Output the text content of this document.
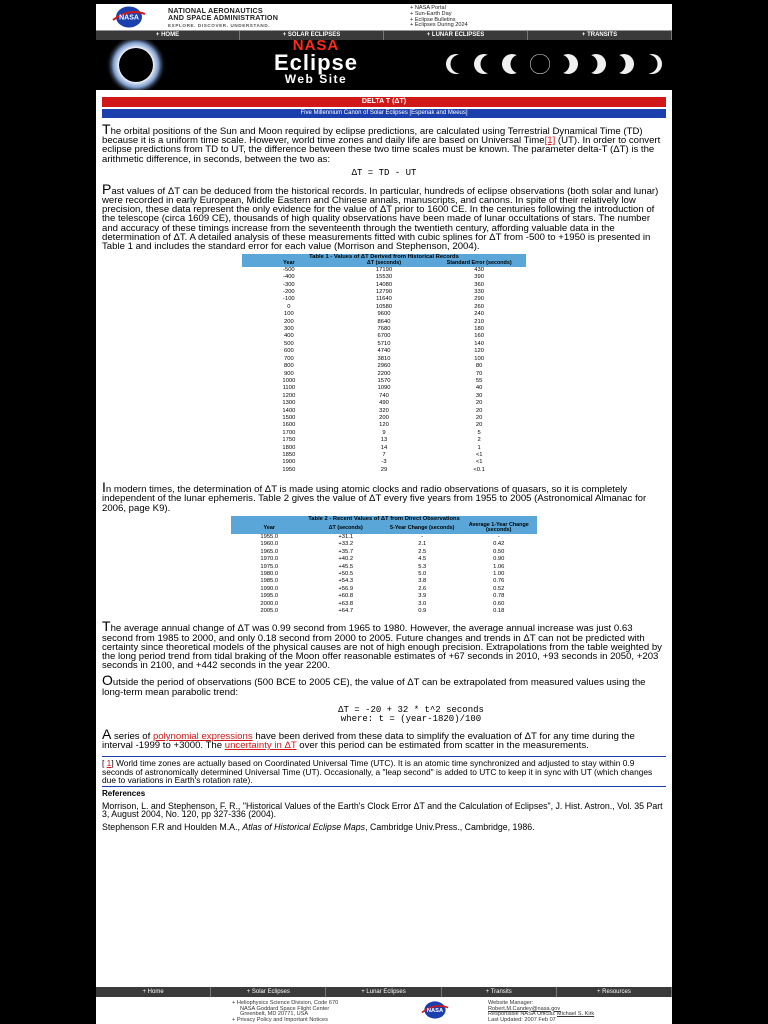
NASA
NATIONAL AERONAUTICS
AND SPACE ADMINISTRATION
EXPLORE. DISCOVER. UNDERSTAND.
+ NASA Portal
+ Sun-Earth Day
+ Eclipse Bulletins
+ Eclipses During 2024
+ HOME	+ SOLAR ECLIPSES	+ LUNAR ECLIPSES	+ TRANSITS
NASA
Eclipse
Web Site
DELTA T (ΔT)
Five Millennium Canon of Solar Eclipses [Espenak and Meeus]
The orbital positions of the Sun and Moon required by eclipse predictions, are calculated using Terrestrial Dynamical Time (TD) because it is a uniform time scale. However, world time zones and daily life are based on Universal Time[1] (UT). In order to convert eclipse predictions from TD to UT, the difference between these two time scales must be known. The parameter delta-T (ΔT) is the arithmetic difference, in seconds, between the two as:
ΔT = TD - UT
Past values of ΔT can be deduced from the historical records. In particular, hundreds of eclipse observations (both solar and lunar) were recorded in early European, Middle Eastern and Chinese annals, manuscripts, and canons. In spite of their relatively low precision, these data represent the only evidence for the value of ΔT prior to 1600 CE. In the centuries following the introduction of the telescope (circa 1609 CE), thousands of high quality observations have been made of lunar occultations of stars. The number and accuracy of these timings increase from the seventeenth through the twentieth century, affording valuable data in the determination of ΔT. A detailed analysis of these measurements fitted with cubic splines for ΔT from -500 to +1950 is presented in Table 1 and includes the standard error for each value (Morrison and Stephenson, 2004).
Table 1 - Values of ΔT Derived from Historical Records
Year	ΔT (seconds)	Standard Error (seconds)
-500	17190	430
-400	15530	390
-300	14080	360
-200	12790	330
-100	11640	290
0	10580	260
100	9600	240
200	8640	210
300	7680	180
400	6700	160
500	5710	140
600	4740	120
700	3810	100
800	2960	80
900	2200	70
1000	1570	55
1100	1090	40
1200	740	30
1300	490	20
1400	320	20
1500	200	20
1600	120	20
1700	9	5
1750	13	2
1800	14	1
1850	7	<1
1900	-3	<1
1950	29	<0.1
In modern times, the determination of ΔT is made using atomic clocks and radio observations of quasars, so it is completely independent of the lunar ephemeris. Table 2 gives the value of ΔT every five years from 1955 to 2005 (Astronomical Almanac for 2006, page K9).
Table 2 - Recent Values of ΔT from Direct Observations
Year	ΔT (seconds)	5-Year Change (seconds)	Average 1-Year Change (seconds)
1955.0	+31.1	-	-
1960.0	+33.2	2.1	0.42
1965.0	+35.7	2.5	0.50
1970.0	+40.2	4.5	0.90
1975.0	+45.5	5.3	1.06
1980.0	+50.5	5.0	1.00
1985.0	+54.3	3.8	0.76
1990.0	+56.9	2.6	0.52
1995.0	+60.8	3.9	0.78
2000.0	+63.8	3.0	0.60
2005.0	+64.7	0.9	0.18
The average annual change of ΔT was 0.99 second from 1965 to 1980. However, the average annual increase was just 0.63 second from 1985 to 2000, and only 0.18 second from 2000 to 2005. Future changes and trends in ΔT can not be predicted with certainty since theoretical models of the physical causes are not of high enough precision. Extrapolations from the table weighted by the long period trend from tidal braking of the Moon offer reasonable estimates of +67 seconds in 2010, +93 seconds in 2050, +203 seconds in 2100, and +442 seconds in the year 2200.
Outside the period of observations (500 BCE to 2005 CE), the value of ΔT can be extrapolated from measured values using the long-term mean parabolic trend:
ΔT = -20 + 32 * t^2 seconds
where: t = (year-1820)/100
A series of polynomial expressions have been derived from these data to simplify the evaluation of ΔT for any time during the interval -1999 to +3000. The uncertainty in ΔT over this period can be estimated from scatter in the measurements.
[ 1] World time zones are actually based on Coordinated Universal Time (UTC). It is an atomic time synchronized and adjusted to stay within 0.9 seconds of astronomically determined Universal Time (UT). Occasionally, a "leap second" is added to UTC to keep it in sync with UT (which changes due to variations in Earth's rotation rate).
References
Morrison, L. and Stephenson, F. R., "Historical Values of the Earth's Clock Error ΔT and the Calculation of Eclipses", J. Hist. Astron., Vol. 35 Part 3, August 2004, No. 120, pp 327-336 (2004).
Stephenson F.R and Houlden M.A., Atlas of Historical Eclipse Maps, Cambridge Univ.Press., Cambridge, 1986.
+ Home	+ Solar Eclipses	+ Lunar Eclipses	+ Transits	+ Resources
+ Heliophysics Science Division, Code 670
NASA Goddard Space Flight Center
Greenbelt, MD 20771, USA
+ Privacy Policy and Important Notices
NASA
Website Manager:
Robert.M.Candey@nasa.gov
Responsible NASA Official: Michael S. Kirk
Last Updated: 2007 Feb 07
